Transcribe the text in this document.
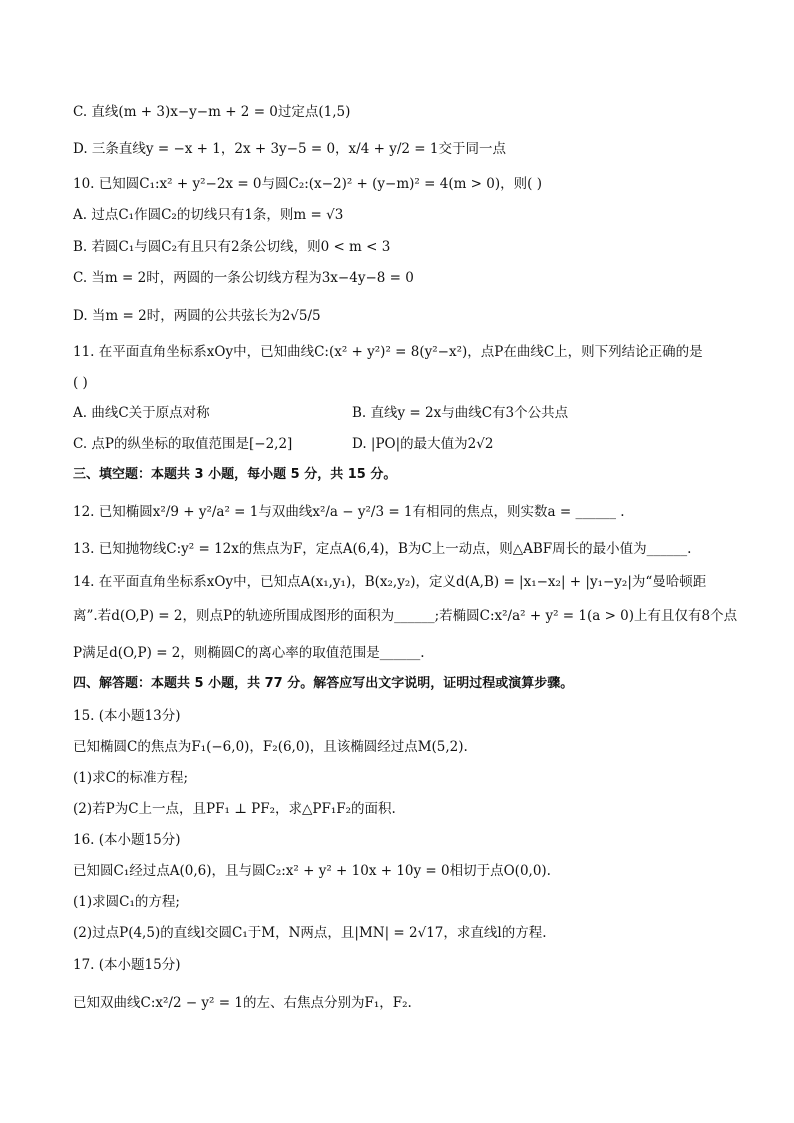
C. 直线(m + 3)x−y−m + 2 = 0过定点(1,5)
D. 三条直线y = −x + 1，2x + 3y−5 = 0，x/4 + y/2 = 1交于同一点
10. 已知圆C₁:x² + y²−2x = 0与圆C₂:(x−2)² + (y−m)² = 4(m > 0)，则( )
A. 过点C₁作圆C₂的切线只有1条，则m = √3
B. 若圆C₁与圆C₂有且只有2条公切线，则0 < m < 3
C. 当m = 2时，两圆的一条公切线方程为3x−4y−8 = 0
D. 当m = 2时，两圆的公共弦长为2√5/5
11. 在平面直角坐标系xOy中，已知曲线C:(x² + y²)² = 8(y²−x²)，点P在曲线C上，则下列结论正确的是
( )
A. 曲线C关于原点对称	B. 直线y = 2x与曲线C有3个公共点
C. 点P的纵坐标的取值范围是[−2,2]	D. |PO|的最大值为2√2
三、填空题：本题共 3 小题，每小题 5 分，共 15 分。
12. 已知椭圆x²/9 + y²/a² = 1与双曲线x²/a − y²/3 = 1有相同的焦点，则实数a = ______ .
13. 已知抛物线C:y² = 12x的焦点为F，定点A(6,4)，B为C上一动点，则△ABF周长的最小值为______.
14. 在平面直角坐标系xOy中，已知点A(x₁,y₁)，B(x₂,y₂)，定义d(A,B) = |x₁−x₂| + |y₁−y₂|为“曼哈顿距
离”.若d(O,P) = 2，则点P的轨迹所围成图形的面积为______;若椭圆C:x²/a² + y² = 1(a > 0)上有且仅有8个点
P满足d(O,P) = 2，则椭圆C的离心率的取值范围是______.
四、解答题：本题共 5 小题，共 77 分。解答应写出文字说明，证明过程或演算步骤。
15. (本小题13分)
已知椭圆C的焦点为F₁(−6,0)，F₂(6,0)，且该椭圆经过点M(5,2).
(1)求C的标准方程;
(2)若P为C上一点，且PF₁ ⊥ PF₂，求△PF₁F₂的面积.
16. (本小题15分)
已知圆C₁经过点A(0,6)，且与圆C₂:x² + y² + 10x + 10y = 0相切于点O(0,0).
(1)求圆C₁的方程;
(2)过点P(4,5)的直线l交圆C₁于M，N两点，且|MN| = 2√17，求直线l的方程.
17. (本小题15分)
已知双曲线C:x²/2 − y² = 1的左、右焦点分别为F₁，F₂.
